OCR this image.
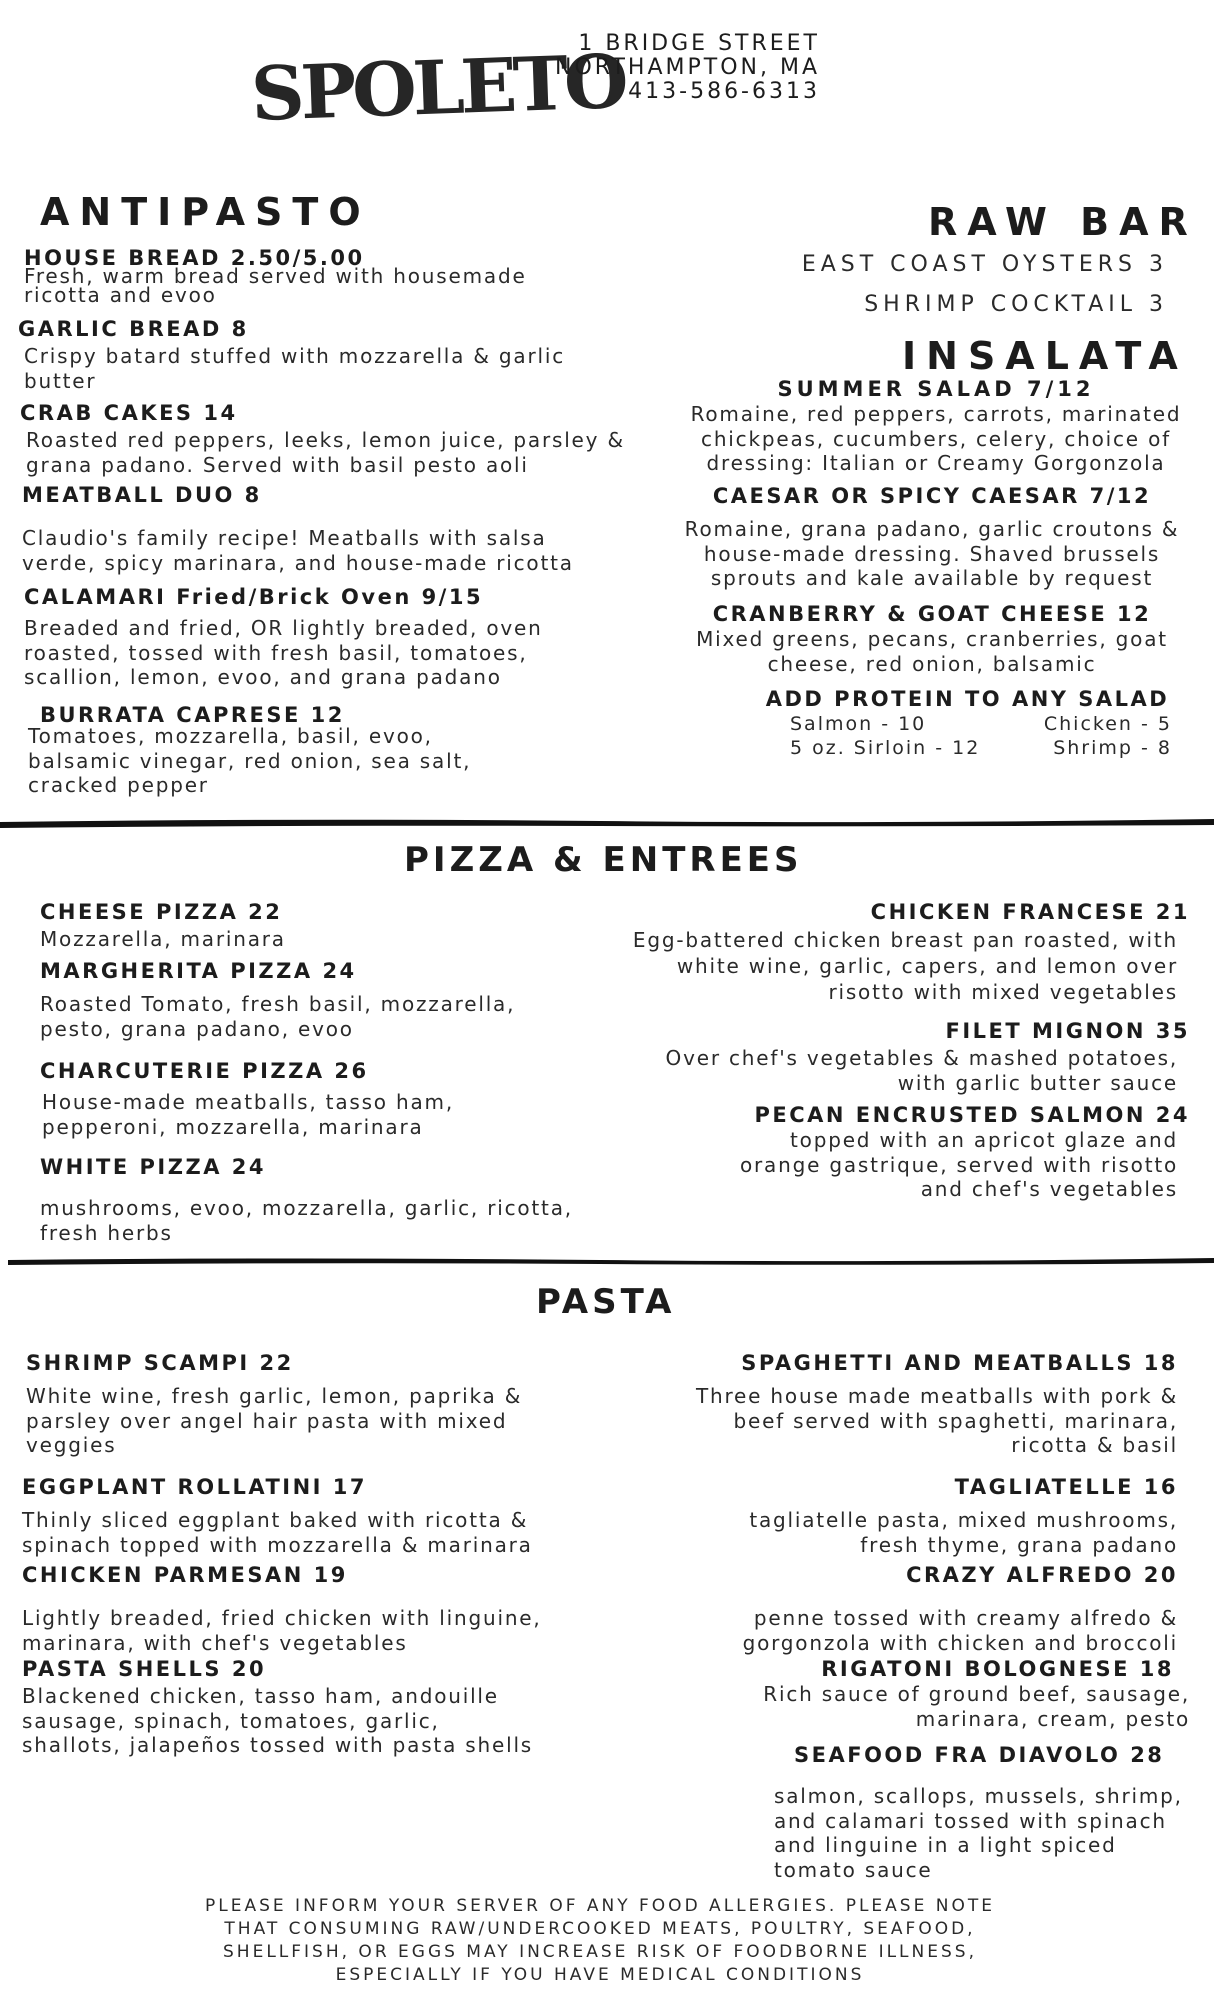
SPOLETO
1 BRIDGE STREET
NORTHAMPTON, MA
413-586-6313
ANTIPASTO
HOUSE BREAD 2.50/5.00
Fresh, warm bread served with housemade ricotta and evoo
GARLIC BREAD 8
Crispy batard stuffed with mozzarella & garlic butter
CRAB CAKES 14
Roasted red peppers, leeks, lemon juice, parsley & grana padano. Served with basil pesto aoli
MEATBALL DUO 8
Claudio's family recipe! Meatballs with salsa verde, spicy marinara, and house-made ricotta
CALAMARI Fried/Brick Oven 9/15
Breaded and fried, OR lightly breaded, oven roasted, tossed with fresh basil, tomatoes, scallion, lemon, evoo, and grana padano
BURRATA CAPRESE 12
Tomatoes, mozzarella, basil, evoo, balsamic vinegar, red onion, sea salt, cracked pepper
RAW BAR
EAST COAST OYSTERS 3
SHRIMP COCKTAIL 3
INSALATA
SUMMER SALAD 7/12
Romaine, red peppers, carrots, marinated chickpeas, cucumbers, celery, choice of dressing: Italian or Creamy Gorgonzola
CAESAR OR SPICY CAESAR 7/12
Romaine, grana padano, garlic croutons & house-made dressing. Shaved brussels sprouts and kale available by request
CRANBERRY & GOAT CHEESE 12
Mixed greens, pecans, cranberries, goat cheese, red onion, balsamic
ADD PROTEIN TO ANY SALAD
Salmon - 10	Chicken - 5
5 oz. Sirloin - 12	Shrimp - 8
PIZZA & ENTREES
CHEESE PIZZA 22
Mozzarella, marinara
MARGHERITA PIZZA 24
Roasted Tomato, fresh basil, mozzarella, pesto, grana padano, evoo
CHARCUTERIE PIZZA 26
House-made meatballs, tasso ham, pepperoni, mozzarella, marinara
WHITE PIZZA 24
mushrooms, evoo, mozzarella, garlic, ricotta, fresh herbs
CHICKEN FRANCESE 21
Egg-battered chicken breast pan roasted, with white wine, garlic, capers, and lemon over risotto with mixed vegetables
FILET MIGNON 35
Over chef's vegetables & mashed potatoes, with garlic butter sauce
PECAN ENCRUSTED SALMON 24
topped with an apricot glaze and orange gastrique, served with risotto and chef's vegetables
PASTA
SHRIMP SCAMPI 22
White wine, fresh garlic, lemon, paprika & parsley over angel hair pasta with mixed veggies
EGGPLANT ROLLATINI 17
Thinly sliced eggplant baked with ricotta & spinach topped with mozzarella & marinara
CHICKEN PARMESAN 19
Lightly breaded, fried chicken with linguine, marinara, with chef's vegetables
PASTA SHELLS 20
Blackened chicken, tasso ham, andouille sausage, spinach, tomatoes, garlic, shallots, jalapeños tossed with pasta shells
SPAGHETTI AND MEATBALLS 18
Three house made meatballs with pork & beef served with spaghetti, marinara, ricotta & basil
TAGLIATELLE 16
tagliatelle pasta, mixed mushrooms, fresh thyme, grana padano
CRAZY ALFREDO 20
penne tossed with creamy alfredo & gorgonzola with chicken and broccoli
RIGATONI BOLOGNESE 18
Rich sauce of ground beef, sausage, marinara, cream, pesto
SEAFOOD FRA DIAVOLO 28
salmon, scallops, mussels, shrimp, and calamari tossed with spinach and linguine in a light spiced tomato sauce
PLEASE INFORM YOUR SERVER OF ANY FOOD ALLERGIES. PLEASE NOTE THAT CONSUMING RAW/UNDERCOOKED MEATS, POULTRY, SEAFOOD, SHELLFISH, OR EGGS MAY INCREASE RISK OF FOODBORNE ILLNESS, ESPECIALLY IF YOU HAVE MEDICAL CONDITIONS
